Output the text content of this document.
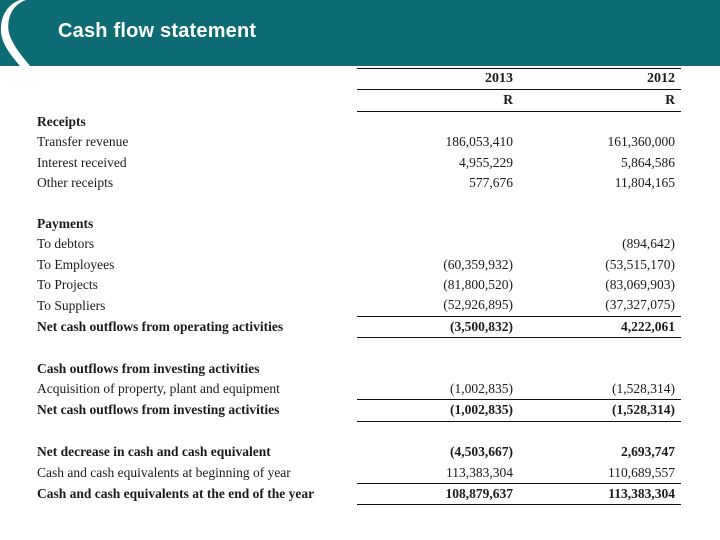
Cash flow statement
	2013	2012
	R	R
Receipts		
Transfer revenue	186,053,410	161,360,000
Interest received	4,955,229	5,864,586
Other receipts	577,676	11,804,165

Payments		
To debtors		(894,642)
To Employees	(60,359,932)	(53,515,170)
To Projects	(81,800,520)	(83,069,903)
To Suppliers	(52,926,895)	(37,327,075)
Net cash outflows from operating activities	(3,500,832)	4,222,061

Cash outflows from investing activities		
Acquisition of property, plant and equipment	(1,002,835)	(1,528,314)
Net cash outflows from investing activities	(1,002,835)	(1,528,314)

Net decrease in cash and cash equivalent	(4,503,667)	2,693,747
Cash and cash equivalents at beginning of year	113,383,304	110,689,557
Cash and cash equivalents at the end of the year	108,879,637	113,383,304
